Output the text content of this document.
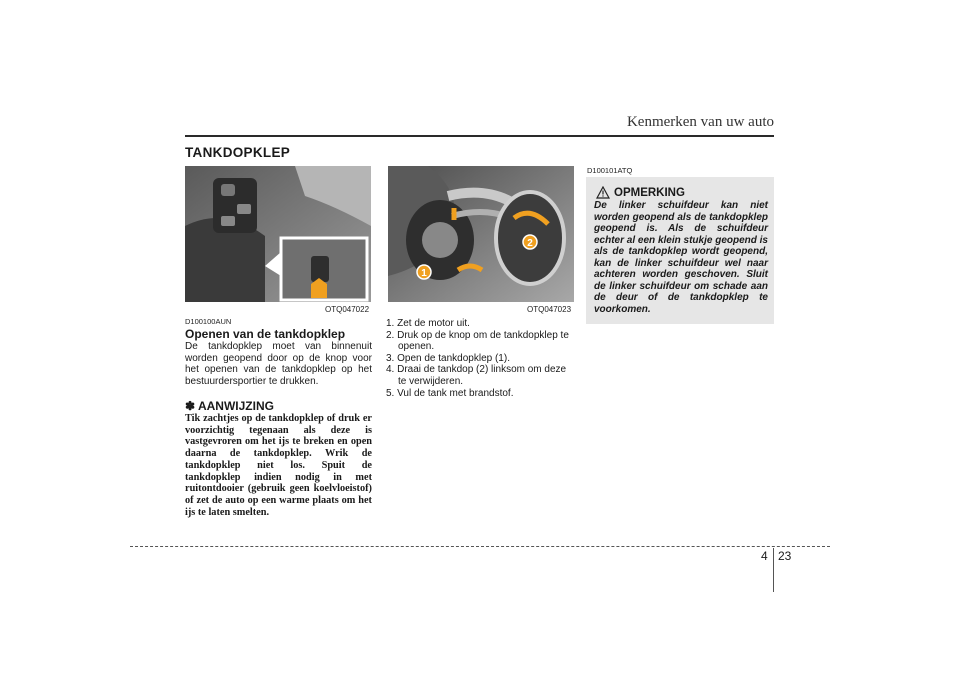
Kenmerken van uw auto
TANKDOPKLEP
OTQ047022
D100100AUN
Openen van de tankdopklep
De tankdopklep moet van binnenuit worden geopend door op de knop voor het openen van de tankdopklep op het bestuurdersportier te drukken.
✽ AANWIJZING
Tik zachtjes op de tankdopklep of druk er voorzichtig tegenaan als deze is vastgevroren om het ijs te breken en open daarna de tankdopklep. Wrik de tankdopklep niet los. Spuit de tankdopklep indien nodig in met ruitontdooier (gebruik geen koelvloeistof) of zet de auto op een warme plaats om het ijs te laten smelten.
1
2
OTQ047023
1. Zet de motor uit.
2. Druk op de knop om de tankdopklep te openen.
3. Open de tankdopklep (1).
4. Draai de tankdop (2) linksom om deze te verwijderen.
5. Vul de tank met brandstof.
D100101ATQ
OPMERKING
De linker schuifdeur kan niet worden geopend als de tankdopklep geopend is. Als de schuifdeur echter al een klein stukje geopend is als de tankdopklep wordt geopend, kan de linker schuifdeur wel naar achteren worden geschoven. Sluit de linker schuifdeur om schade aan de deur of de tankdopklep te voorkomen.
4 23
